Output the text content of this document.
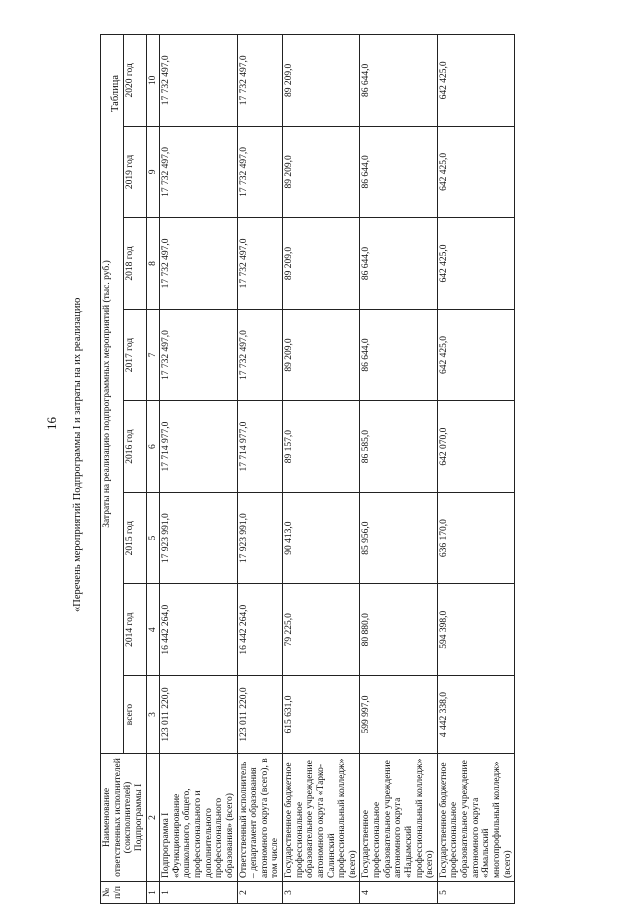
16 «Перечень мероприятий Подпрограммы I и затраты на их реализацию
Таблица
№ п/п	Наименование ответственных исполнителей (соисполнителей) Подпрограммы I	Затраты на реализацию подпрограммных мероприятий (тыс. руб.)							
		всего	2014 год	2015 год	2016 год	2017 год	2018 год	2019 год	2020 год
1	2	3	4	5	6	7	8	9	10
1	Подпрограмма I «Функционирование дошкольного, общего, профессионального и дополнительного профессионального образования» (всего)	123 011 220,0	16 442 264,0	17 923 991,0	17 714 977,0	17 732 497,0	17 732 497,0	17 732 497,0	17 732 497,0
2	Ответственный исполнитель – департамент образования автономного округа (всего), в том числе	123 011 220,0	16 442 264,0	17 923 991,0	17 714 977,0	17 732 497,0	17 732 497,0	17 732 497,0	17 732 497,0
3	Государственное бюджетное профессиональное образовательное учреждение автономного округа «Тарко-Салинский профессиональный колледж» (всего)	615 631,0	79 225,0	90 413,0	89 157,0	89 209,0	89 209,0	89 209,0	89 209,0
4	Государственное профессиональное образовательное учреждение автономного округа «Надымский профессиональный колледж» (всего)	599 997,0	80 880,0	85 956,0	86 585,0	86 644,0	86 644,0	86 644,0	86 644,0
5	Государственное бюджетное профессиональное образовательное учреждение автономного округа «Ямальский многопрофильный колледж» (всего)	4 442 338,0	594 398,0	636 170,0	642 070,0	642 425,0	642 425,0	642 425,0	642 425,0
